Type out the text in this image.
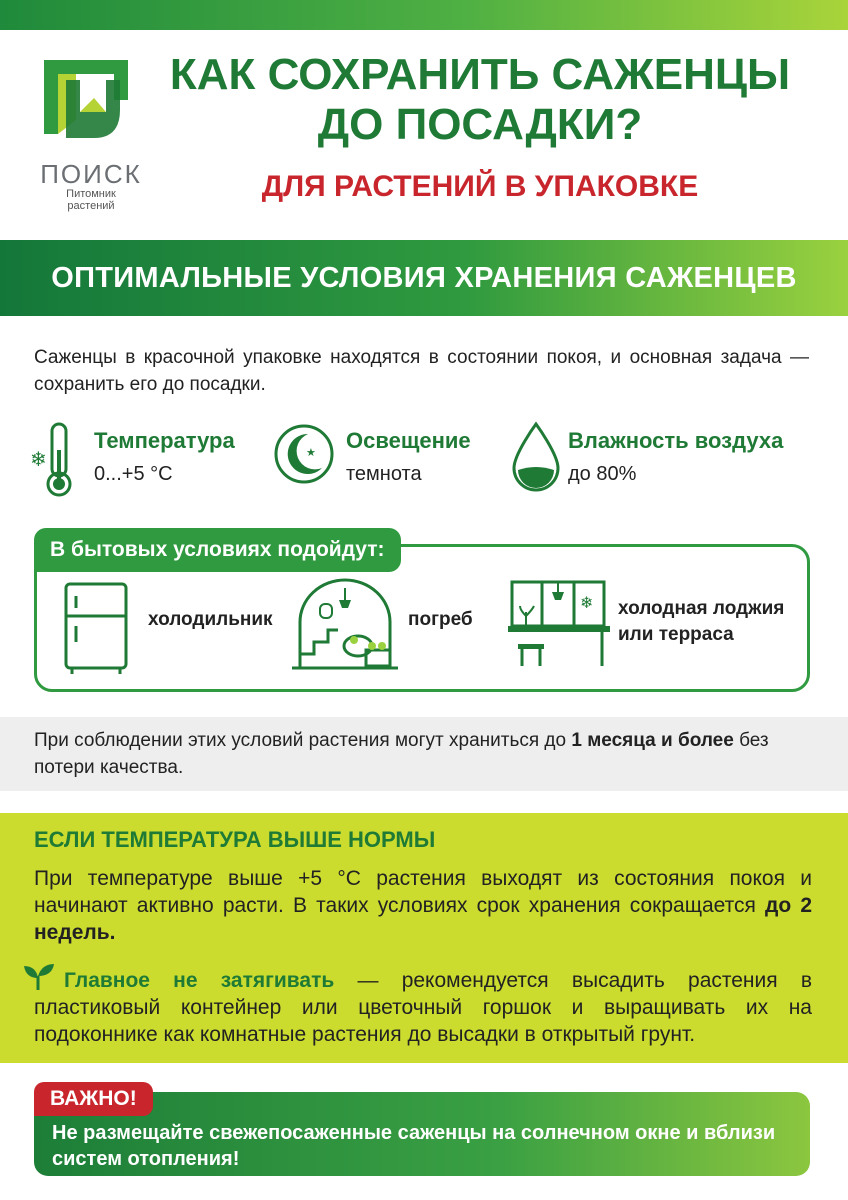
ПОИСК
Питомник
растений
КАК СОХРАНИТЬ САЖЕНЦЫ
ДО ПОСАДКИ?
ДЛЯ РАСТЕНИЙ В УПАКОВКЕ
ОПТИМАЛЬНЫЕ УСЛОВИЯ ХРАНЕНИЯ САЖЕНЦЕВ
Саженцы в красочной упаковке находятся в состоянии покоя, и основная задача — сохранить его до посадки.
❄
Температура
0...+5 °C
★ Освещение
темнота
Влажность воздуха
до 80%
В бытовых условиях подойдут:
холодильник	погреб
❄ холодная лоджия
или терраса
При соблюдении этих условий растения могут храниться до 1 месяца и более без потери качества.
ЕСЛИ ТЕМПЕРАТУРА ВЫШЕ НОРМЫ
При температуре выше +5 °С растения выходят из состояния покоя и начинают активно расти. В таких условиях срок хранения сокращается до 2 недель.
Главное не затягивать — рекомендуется высадить растения в пластиковый контейнер или цветочный горшок и выращивать их на подоконнике как комнатные растения до высадки в открытый грунт.
ВАЖНО!
Не размещайте свежепосаженные саженцы на солнечном окне и вблизи систем отопления!
